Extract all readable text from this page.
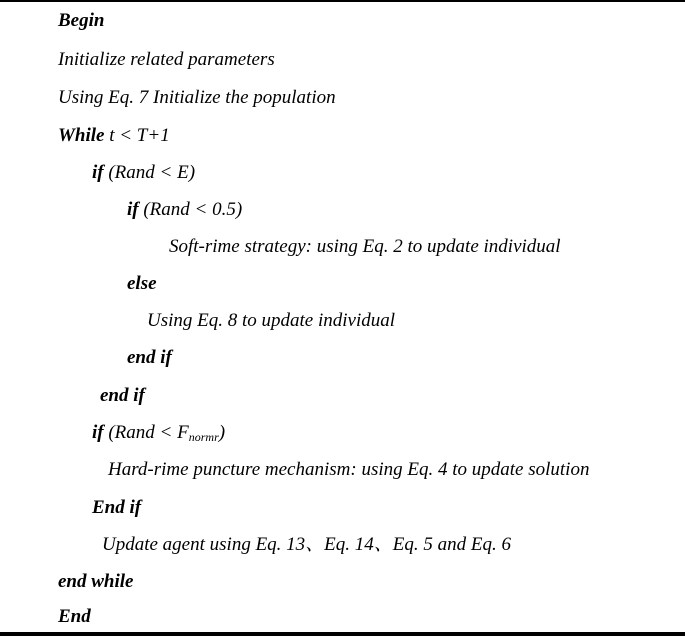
Begin
Initialize related parameters
Using Eq. 7 Initialize the population
While t < T+1
if (Rand < E)
if (Rand < 0.5)
Soft-rime strategy: using Eq. 2 to update individual
else
Using Eq. 8 to update individual
end if
end if
if (Rand < $F_{normr}$)
Hard-rime puncture mechanism: using Eq. 4 to update solution
End if
Update agent using Eq. 13、Eq. 14、Eq. 5 and Eq. 6
end while
End
